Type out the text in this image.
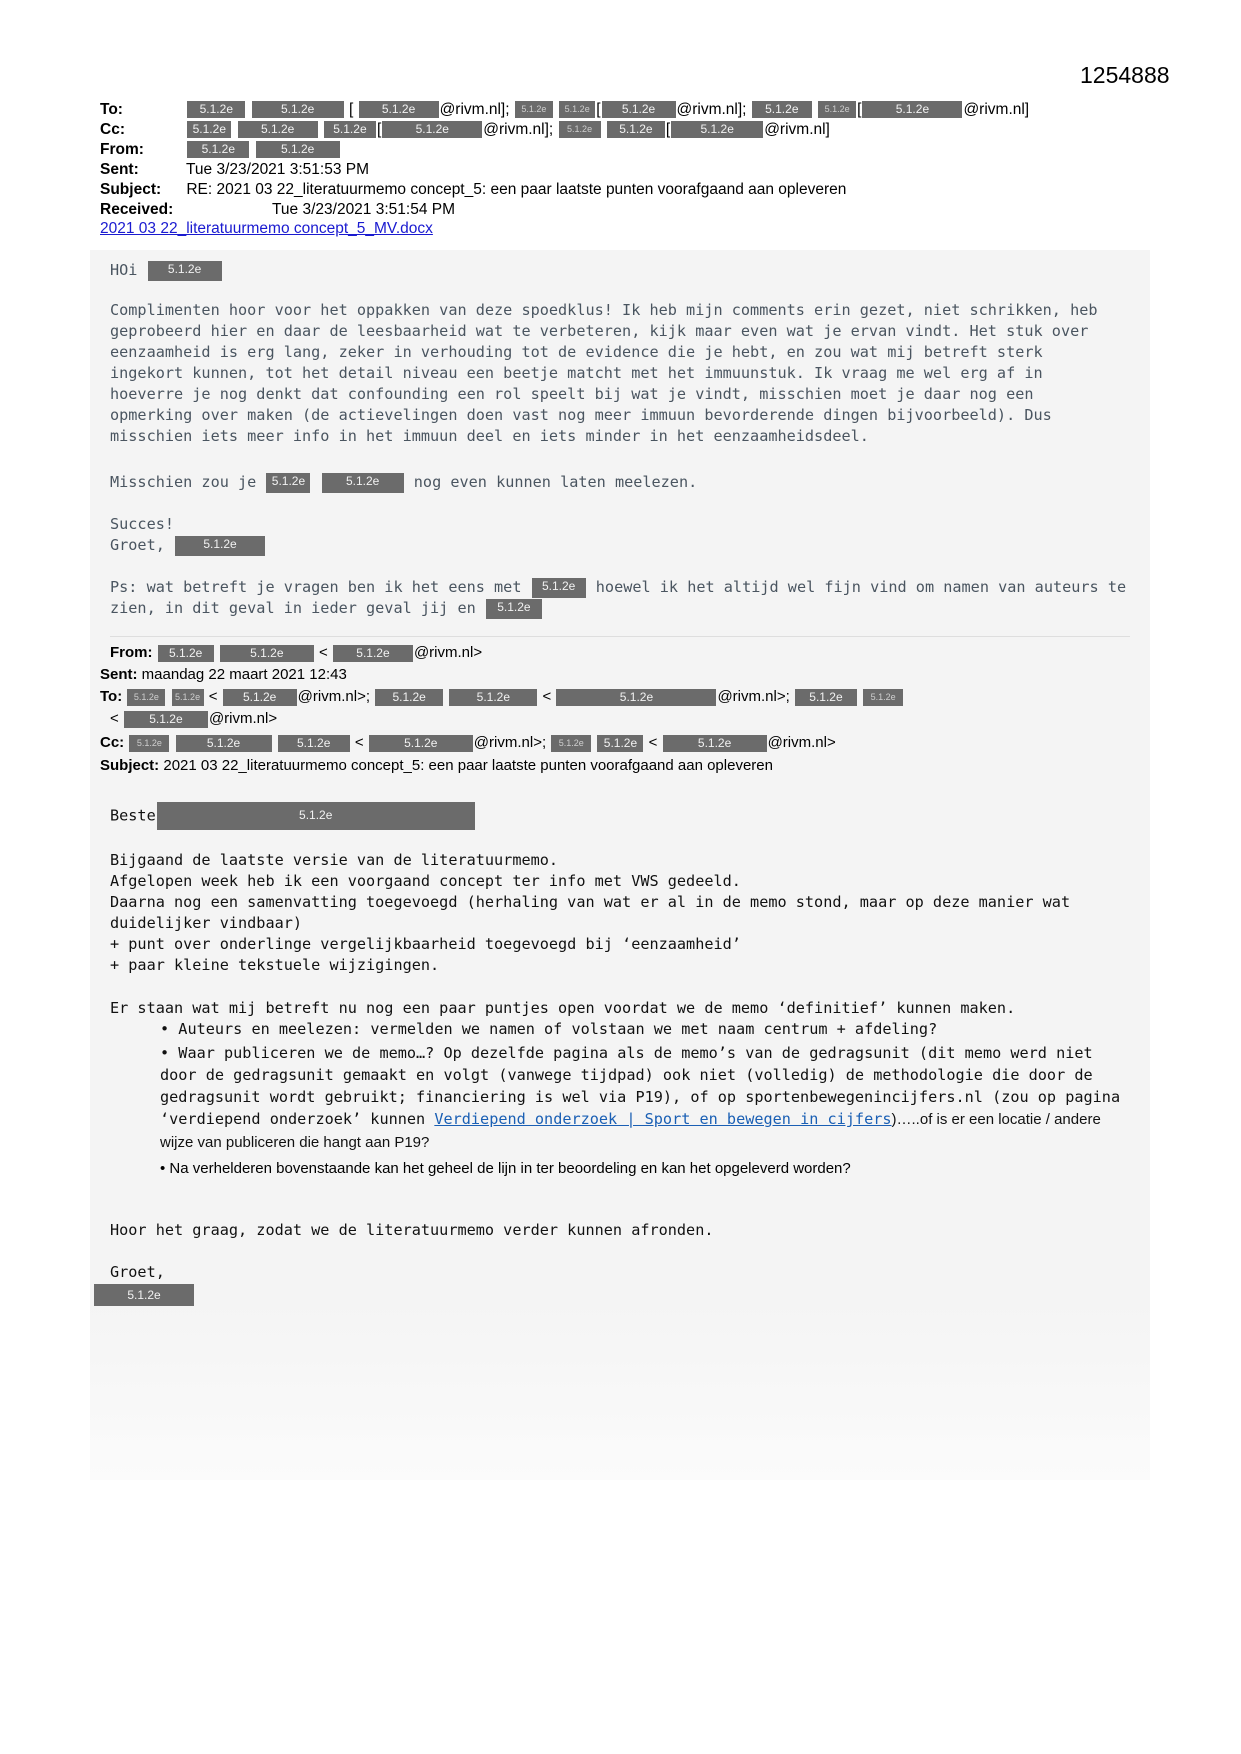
1254888
To:	5.1.2e	5.1.2e [ 5.1.2e @rivm.nl]; 5.1.2e 5.1.2e [ 5.1.2e @rivm.nl]; 5.1.2e	5.1.2e [	5.1.2e @rivm.nl]
Cc:	5.1.2e	5.1.2e	5.1.2e [	5.1.2e @rivm.nl]; 5.1.2e 5.1.2e [	5.1.2e @rivm.nl]
From:	5.1.2e	5.1.2e
Sent:	Tue 3/23/2021 3:51:53 PM
Subject: RE: 2021 03 22_literatuurmemo concept_5: een paar laatste punten voorafgaand aan opleveren
Received:	Tue 3/23/2021 3:51:54 PM
2021 03 22_literatuurmemo concept_5_MV.docx
HOi	5.1.2e

Complimenten hoor voor het oppakken van deze spoedklus! Ik heb mijn comments erin gezet, niet schrikken, heb geprobeerd hier en daar de leesbaarheid wat te verbeteren, kijk maar even wat je ervan vindt. Het stuk over eenzaamheid is erg lang, zeker in verhouding tot de evidence die je hebt, en zou wat mij betreft sterk ingekort kunnen, tot het detail niveau een beetje matcht met het immuunstuk. Ik vraag me wel erg af in hoeverre je nog denkt dat confounding een rol speelt bij wat je vindt, misschien moet je daar nog een opmerking over maken (de actievelingen doen vast nog meer immuun bevorderende dingen bijvoorbeeld). Dus misschien iets meer info in het immuun deel en iets minder in het eenzaamheidsdeel.

Misschien zou je 5.1.2e	5.1.2e nog even kunnen laten meelezen.
Succes!
Groet,	5.1.2e
Ps: wat betreft je vragen ben ik het eens met 5.1.2e hoewel ik het altijd wel fijn vind om namen van auteurs te
zien, in dit geval in ieder geval jij en 5.1.2e
From: 5.1.2e	5.1.2e < 5.1.2e @rivm.nl>
Sent: maandag 22 maart 2021 12:43
To: 5.1.2e 5.1.2e < 5.1.2e @rivm.nl>; 5.1.2e	5.1.2e <	5.1.2e	@rivm.nl>; 5.1.2e	5.1.2e
<	5.1.2e @rivm.nl>
Cc: 5.1.2e	5.1.2e	5.1.2e <	5.1.2e @rivm.nl>; 5.1.2e 5.1.2e <	5.1.2e @rivm.nl>
Subject: 2021 03 22_literatuurmemo concept_5: een paar laatste punten voorafgaand aan opleveren
Beste	5.1.2e

Bijgaand de laatste versie van de literatuurmemo.

Afgelopen week heb ik een voorgaand concept ter info met VWS gedeeld.

Daarna nog een samenvatting toegevoegd (herhaling van wat er al in de memo stond, maar op deze manier wat duidelijker vindbaar)

+ punt over onderlinge vergelijkbaarheid toegevoegd bij ‘eenzaamheid’

+ paar kleine tekstuele wijzigingen.

Er staan wat mij betreft nu nog een paar puntjes open voordat we de memo ‘definitief’ kunnen maken.

• Auteurs en meelezen: vermelden we namen of volstaan we met naam centrum + afdeling?
• Waar publiceren we de memo…? Op dezelfde pagina als de memo’s van de gedragsunit (dit memo werd niet door de gedragsunit gemaakt en volgt (vanwege tijdpad) ook niet (volledig) de methodologie die door de gedragsunit wordt gebruikt; financiering is wel via P19), of op sportenbewegenincijfers.nl (zou op pagina ‘verdiepend onderzoek’ kunnen Verdiepend onderzoek | Sport en bewegen in cijfers)…..of is er een locatie / andere wijze van publiceren die hangt aan P19?
• Na verhelderen bovenstaande kan het geheel de lijn in ter beoordeling en kan het opgeleverd worden?

Hoor het graag, zodat we de literatuurmemo verder kunnen afronden.

Groet,

5.1.2e
